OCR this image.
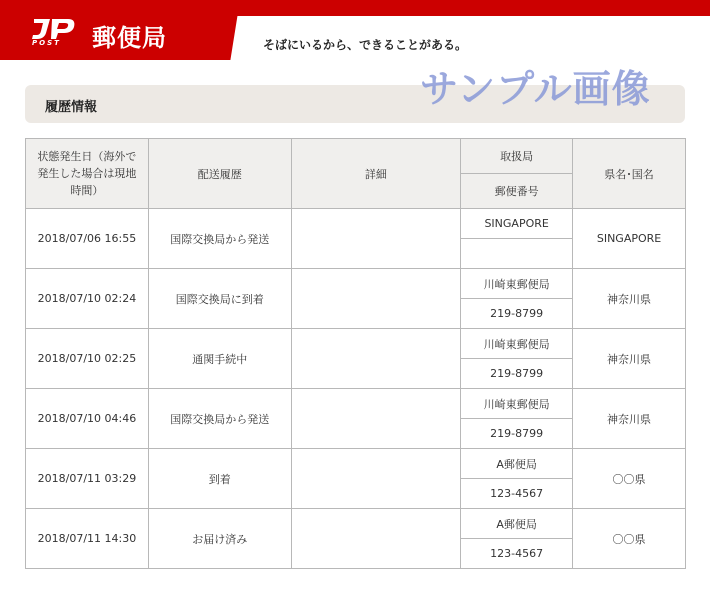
POST 郵便局	そばにいるから、できることがある。
サンプル画像
履歴情報
状態発生日（海外で発生した場合は現地時間）	配送履歴	詳細	取扱局	県名･国名
			郵便番号	
2018/07/06 16:55	国際交換局から発送		SINGAPORE	SINGAPORE

2018/07/10 02:24	国際交換局に到着		川崎東郵便局	神奈川県
			219-8799	
2018/07/10 02:25	通関手続中		川崎東郵便局	神奈川県
			219-8799	
2018/07/10 04:46	国際交換局から発送		川崎東郵便局	神奈川県
			219-8799	
2018/07/11 03:29	到着		A郵便局	〇〇県
			123-4567	
2018/07/11 14:30	お届け済み		A郵便局	〇〇県
			123-4567	
